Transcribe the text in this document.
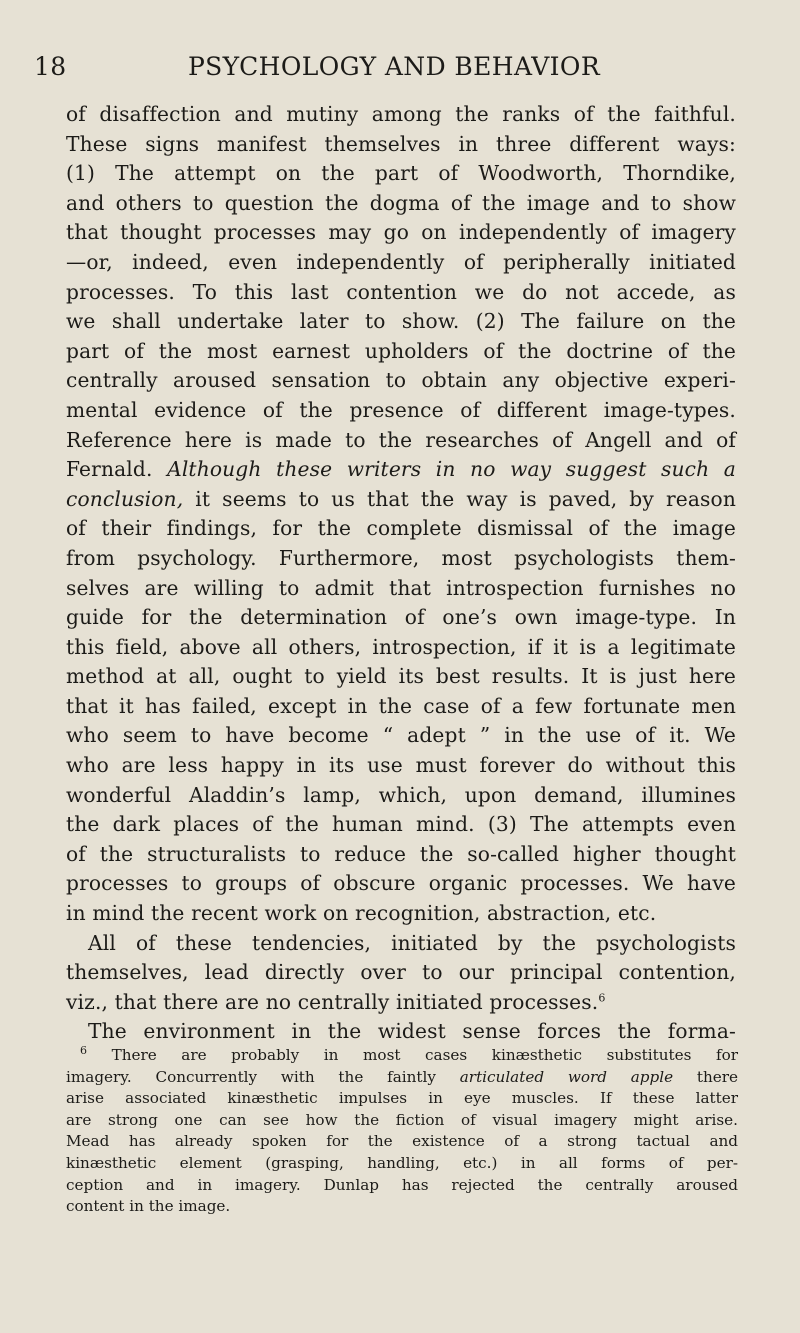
18	PSYCHOLOGY AND BEHAVIOR
of disaffection and mutiny among the ranks of the faithful.
These signs manifest themselves in three different ways:
(1) The attempt on the part of Woodworth, Thorndike,
and others to question the dogma of the image and to show
that thought processes may go on independently of imagery
—or, indeed, even independently of peripherally initiated
processes. To this last contention we do not accede, as
we shall undertake later to show. (2) The failure on the
part of the most earnest upholders of the doctrine of the
centrally aroused sensation to obtain any objective experi-
mental evidence of the presence of different image-types.
Reference here is made to the researches of Angell and of
Fernald. Although these writers in no way suggest such a
conclusion, it seems to us that the way is paved, by reason
of their findings, for the complete dismissal of the image
from psychology. Furthermore, most psychologists them-
selves are willing to admit that introspection furnishes no
guide for the determination of one’s own image-type. In
this field, above all others, introspection, if it is a legitimate
method at all, ought to yield its best results. It is just here
that it has failed, except in the case of a few fortunate men
who seem to have become “ adept ” in the use of it. We
who are less happy in its use must forever do without this
wonderful Aladdin’s lamp, which, upon demand, illumines
the dark places of the human mind. (3) The attempts even
of the structuralists to reduce the so-called higher thought
processes to groups of obscure organic processes. We have
in mind the recent work on recognition, abstraction, etc.
All of these tendencies, initiated by the psychologists
themselves, lead directly over to our principal contention,
viz., that there are no centrally initiated processes.$^6$
The environment in the widest sense forces the forma-
$^6$ There are probably in most cases kinæsthetic substitutes for
imagery. Concurrently with the faintly articulated word apple there
arise associated kinæsthetic impulses in eye muscles. If these latter
are strong one can see how the fiction of visual imagery might arise.
Mead has already spoken for the existence of a strong tactual and
kinæsthetic element (grasping, handling, etc.) in all forms of per-
ception and in imagery. Dunlap has rejected the centrally aroused
content in the image.
